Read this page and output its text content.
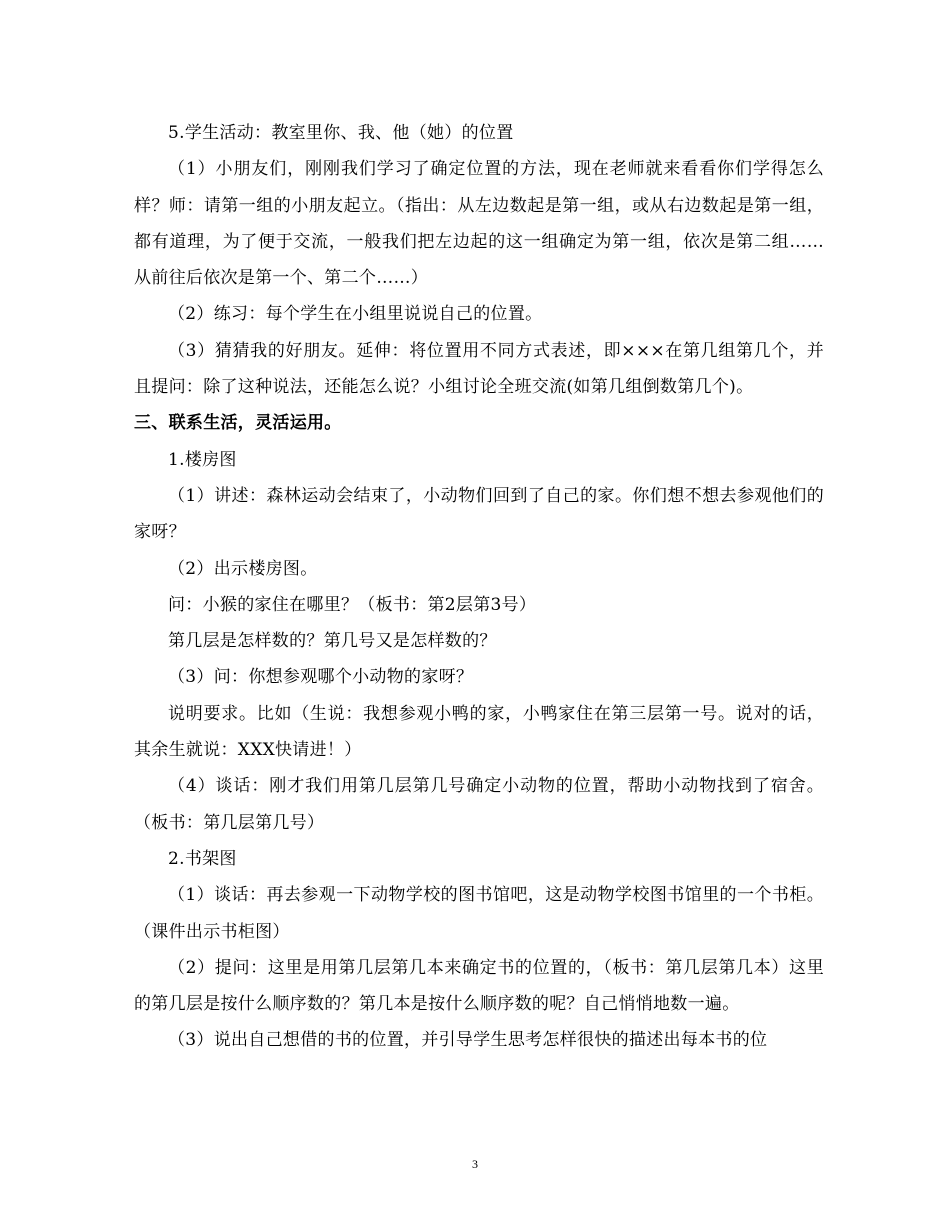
5.学生活动：教室里你、我、他（她）的位置

（1）小朋友们，刚刚我们学习了确定位置的方法，现在老师就来看看你们学得怎么样？师：请第一组的小朋友起立。（指出：从左边数起是第一组，或从右边数起是第一组，都有道理，为了便于交流，一般我们把左边起的这一组确定为第一组，依次是第二组……从前往后依次是第一个、第二个……）

（2）练习：每个学生在小组里说说自己的位置。

（3）猜猜我的好朋友。延伸：将位置用不同方式表述，即×××在第几组第几个，并且提问：除了这种说法，还能怎么说？小组讨论全班交流(如第几组倒数第几个)。

三、联系生活，灵活运用。

1.楼房图

（1）讲述：森林运动会结束了，小动物们回到了自己的家。你们想不想去参观他们的家呀？

（2）出示楼房图。

问：小猴的家住在哪里？（板书：第2层第3号）

第几层是怎样数的？第几号又是怎样数的？

（3）问：你想参观哪个小动物的家呀？

说明要求。比如（生说：我想参观小鸭的家，小鸭家住在第三层第一号。说对的话，其余生就说：XXX快请进！）

（4）谈话：刚才我们用第几层第几号确定小动物的位置，帮助小动物找到了宿舍。（板书：第几层第几号）

2.书架图

（1）谈话：再去参观一下动物学校的图书馆吧，这是动物学校图书馆里的一个书柜。（课件出示书柜图）

（2）提问：这里是用第几层第几本来确定书的位置的，（板书：第几层第几本）这里的第几层是按什么顺序数的？第几本是按什么顺序数的呢？自己悄悄地数一遍。

（3）说出自己想借的书的位置，并引导学生思考怎样很快的描述出每本书的位

3
